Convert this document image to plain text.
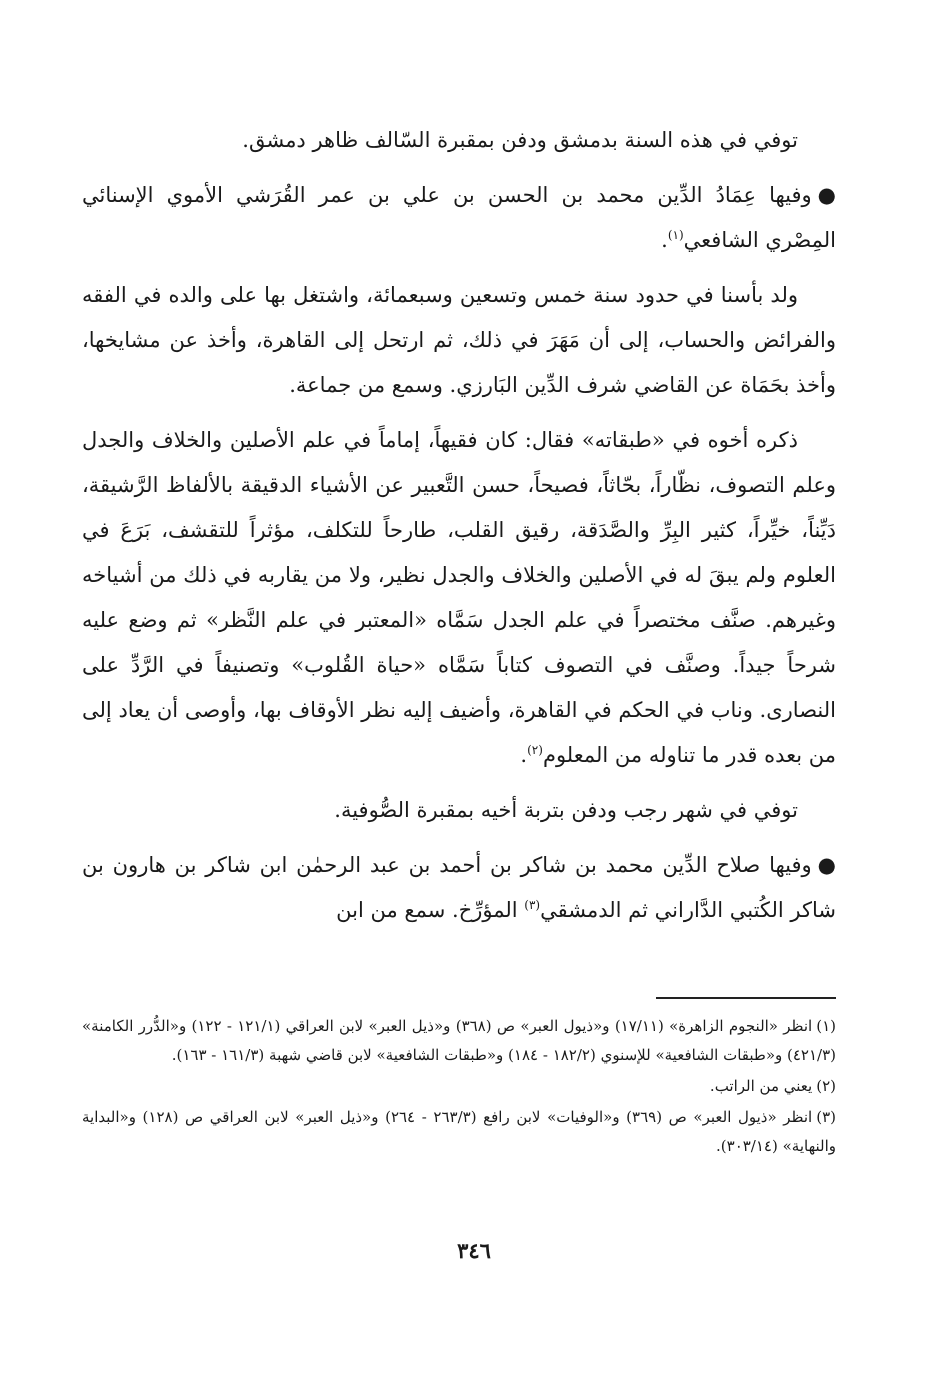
توفي في هذه السنة بدمشق ودفن بمقبرة السّالف ظاهر دمشق.

●وفيها عِمَادُ الدِّين محمد بن الحسن بن علي بن عمر القُرَشي الأموي الإسنائي المِصْري الشافعي$^{(١)}$.

ولد بأسنا في حدود سنة خمس وتسعين وسبعمائة، واشتغل بها على والده في الفقه والفرائض والحساب، إلى أن مَهَرَ في ذلك، ثم ارتحل إلى القاهرة، وأخذ عن مشايخها، وأخذ بحَمَاة عن القاضي شرف الدِّين البَارزي. وسمع من جماعة.

ذكره أخوه في «طبقاته» فقال: كان فقيهاً، إماماً في علم الأصلين والخلاف والجدل وعلم التصوف، نظّاراً، بحّاثاً، فصيحاً، حسن التَّعبير عن الأشياء الدقيقة بالألفاظ الرَّشيقة، دَيِّناً، خيِّراً، كثير البِرِّ والصَّدَقة، رقيق القلب، طارحاً للتكلف، مؤثراً للتقشف، بَرَعَ في العلوم ولم يبقَ له في الأصلين والخلاف والجدل نظير، ولا من يقاربه في ذلك من أشياخه وغيرهم. صنَّف مختصراً في علم الجدل سَمَّاه «المعتبر في علم النَّظر» ثم وضع عليه شرحاً جيداً. وصنَّف في التصوف كتاباً سَمَّاه «حياة القُلوب» وتصنيفاً في الرَّدِّ على النصارى. وناب في الحكم في القاهرة، وأضيف إليه نظر الأوقاف بها، وأوصى أن يعاد إلى من بعده قدر ما تناوله من المعلوم$^{(٢)}$.

توفي في شهر رجب ودفن بتربة أخيه بمقبرة الصُّوفية.

●وفيها صلاح الدِّين محمد بن شاكر بن أحمد بن عبد الرحمٰن ابن شاكر بن هارون بن شاكر الكُتبي الدَّاراني ثم الدمشقي$^{(٣)}$ المؤرِّخ. سمع من ابن

(١)انظر «النجوم الزاهرة» (١٧/١١) و«ذيول العبر» ص (٣٦٨) و«ذيل العبر» لابن العراقي (١٢١/١ - ١٢٢) و«الدُّرر الكامنة» (٤٢١/٣) و«طبقات الشافعية» للإسنوي (١٨٢/٢ - ١٨٤) و«طبقات الشافعية» لابن قاضي شهبة (١٦١/٣ - ١٦٣).
(٢)يعني من الراتب.
(٣)انظر «ذيول العبر» ص (٣٦٩) و«الوفيات» لابن رافع (٢٦٣/٣ - ٢٦٤) و«ذيل العبر» لابن العراقي ص (١٢٨) و«البداية والنهاية» (٣٠٣/١٤).
٣٤٦
